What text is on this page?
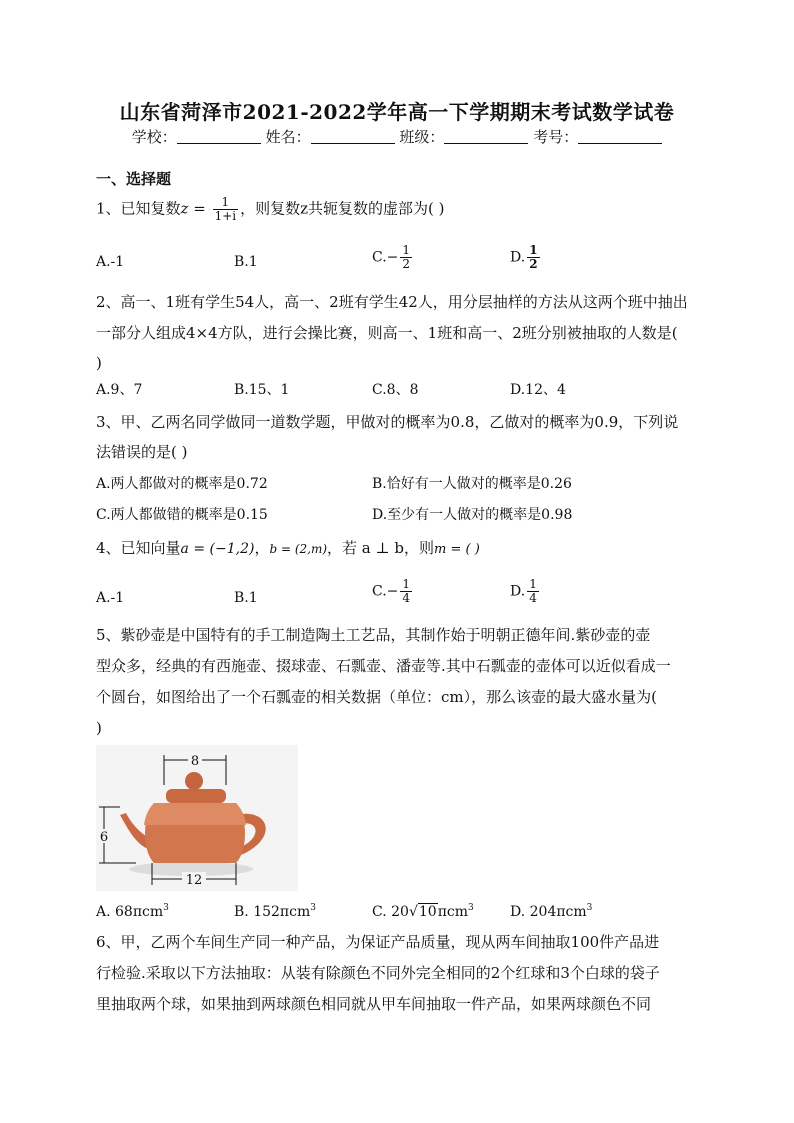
山东省菏泽市2021-2022学年高一下学期期末考试数学试卷
学校：	姓名：	班级：	考号：
一、选择题
1、已知复数$z = \frac{1}{1+i}$ ，则复数z共轭复数的虚部为( )
A.-1	B.1	$C.- \frac{1}{2}$	D. $\frac{1}{2}$
2、高一、1班有学生54人，高一、2班有学生42人，用分层抽样的方法从这两个班中抽出
一部分人组成4×4方队，进行会操比赛，则高一、1班和高一、2班分别被抽取的人数是(
)
A.9、7	B.15、1	C.8、8	D.12、4
3、甲、乙两名同学做同一道数学题，甲做对的概率为0.8，乙做对的概率为0.9，下列说
法错误的是( )
A.两人都做对的概率是0.72	B.恰好有一人做对的概率是0.26
C.两人都做错的概率是0.15	D.至少有一人做对的概率是0.98
4、已知向量a = (−1,2)，b = (2,m)，若 a ⊥ b，则m = ( )
A.-1	B.1	$C.- \frac{1}{4}$	D. $\frac{1}{4}$
5、紫砂壶是中国特有的手工制造陶土工艺品，其制作始于明朝正德年间.紫砂壶的壶
型众多，经典的有西施壶、掇球壶、石瓢壶、潘壶等.其中石瓢壶的壶体可以近似看成一
个圆台，如图给出了一个石瓢壶的相关数据（单位：cm），那么该壶的最大盛水量为(
)
8
6
12
A. 68πcm$^3$	B. 152πcm$^3$	C. 20√10πcm$^3$	D. 204πcm$^3$
6、甲，乙两个车间生产同一种产品，为保证产品质量，现从两车间抽取100件产品进
行检验.采取以下方法抽取：从装有除颜色不同外完全相同的2个红球和3个白球的袋子
里抽取两个球，如果抽到两球颜色相同就从甲车间抽取一件产品，如果两球颜色不同
